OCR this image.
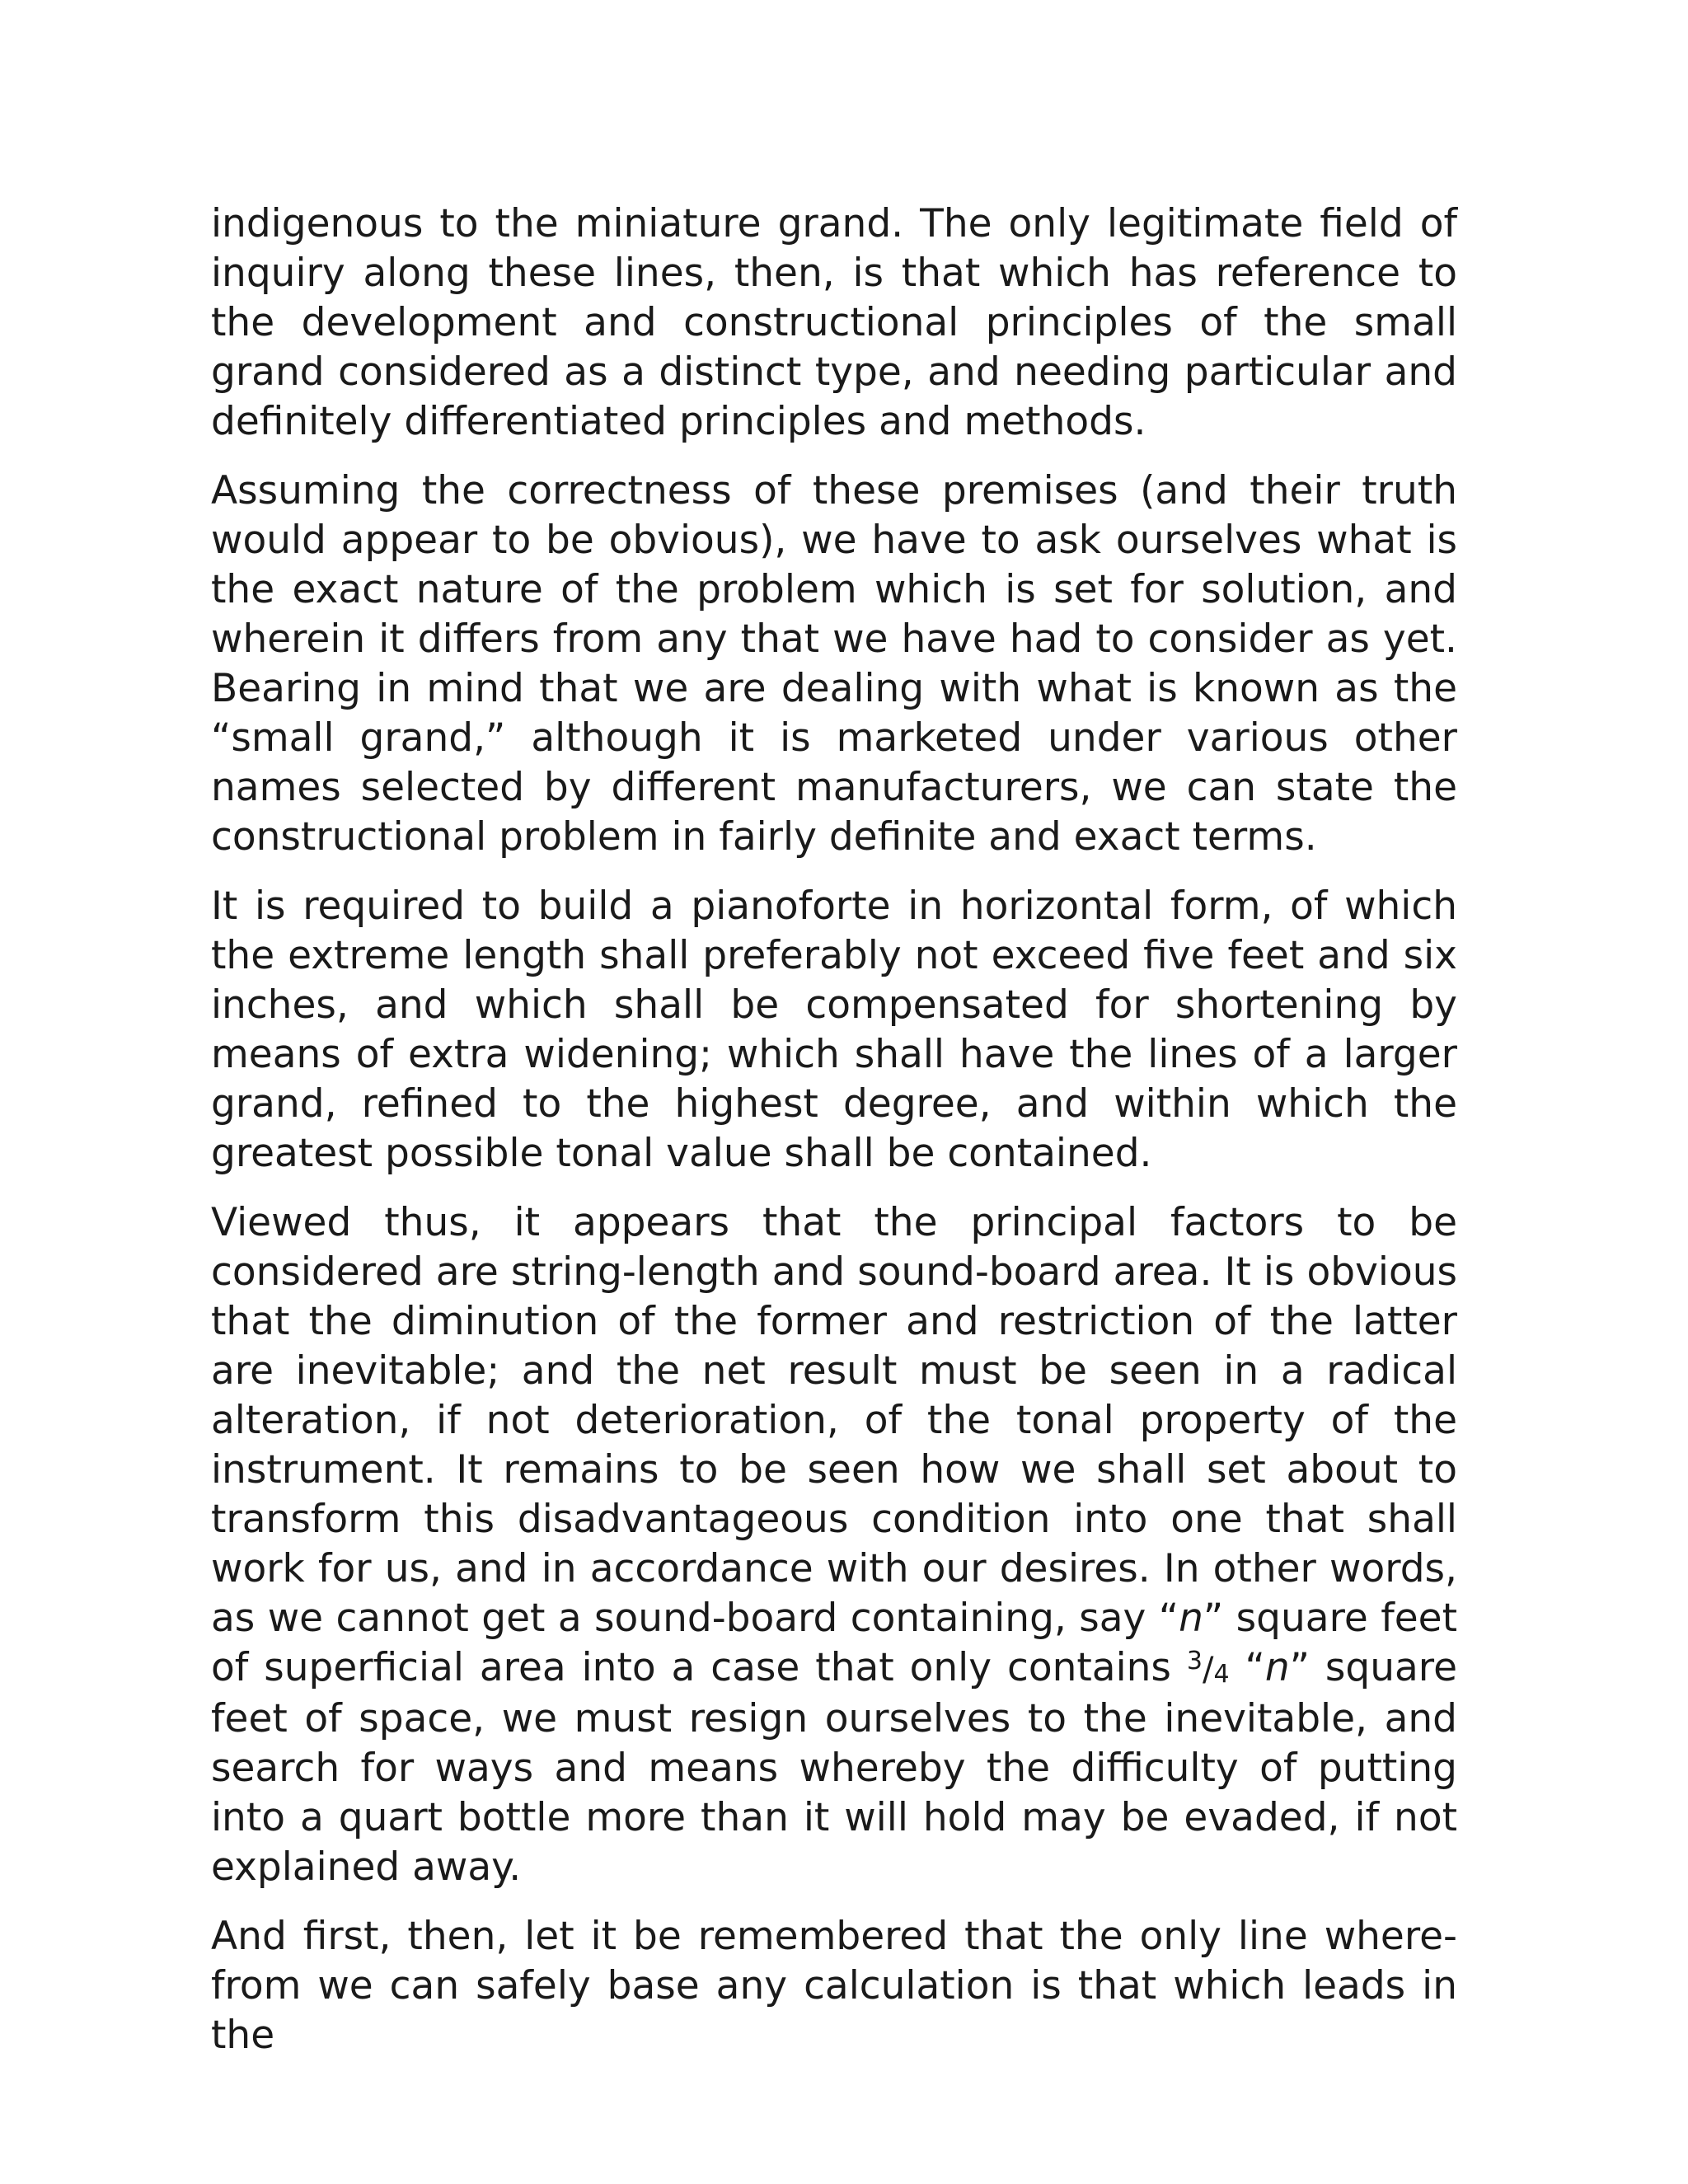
indigenous to the miniature grand. The only legitimate field of inquiry along these lines, then, is that which has reference to the development and constructional principles of the small grand considered as a distinct type, and needing particular and definitely differentiated principles and methods.

Assuming the correctness of these premises (and their truth would appear to be obvious), we have to ask ourselves what is the exact nature of the problem which is set for solution, and wherein it differs from any that we have had to consider as yet. Bearing in mind that we are dealing with what is known as the “small grand,” although it is marketed under various other names selected by different manufacturers, we can state the constructional problem in fairly definite and exact terms.

It is required to build a pianoforte in horizontal form, of which the extreme length shall preferably not exceed five feet and six inches, and which shall be compensated for shortening by means of extra widening; which shall have the lines of a larger grand, refined to the highest degree, and within which the greatest possible tonal value shall be contained.

Viewed thus, it appears that the principal factors to be considered are string-length and sound-board area. It is obvious that the diminution of the former and restriction of the latter are inevitable; and the net result must be seen in a radical alteration, if not deterioration, of the tonal property of the instrument. It remains to be seen how we shall set about to transform this disadvantageous condition into one that shall work for us, and in accordance with our desires. In other words, as we cannot get a sound-board containing, say “n” square feet of superficial area into a case that only contains $^3/_4$ “n” square feet of space, we must resign ourselves to the inevitable, and search for ways and means whereby the difficulty of putting into a quart bottle more than it will hold may be evaded, if not explained away.

And first, then, let it be remembered that the only line where-from we can safely base any calculation is that which leads in the
